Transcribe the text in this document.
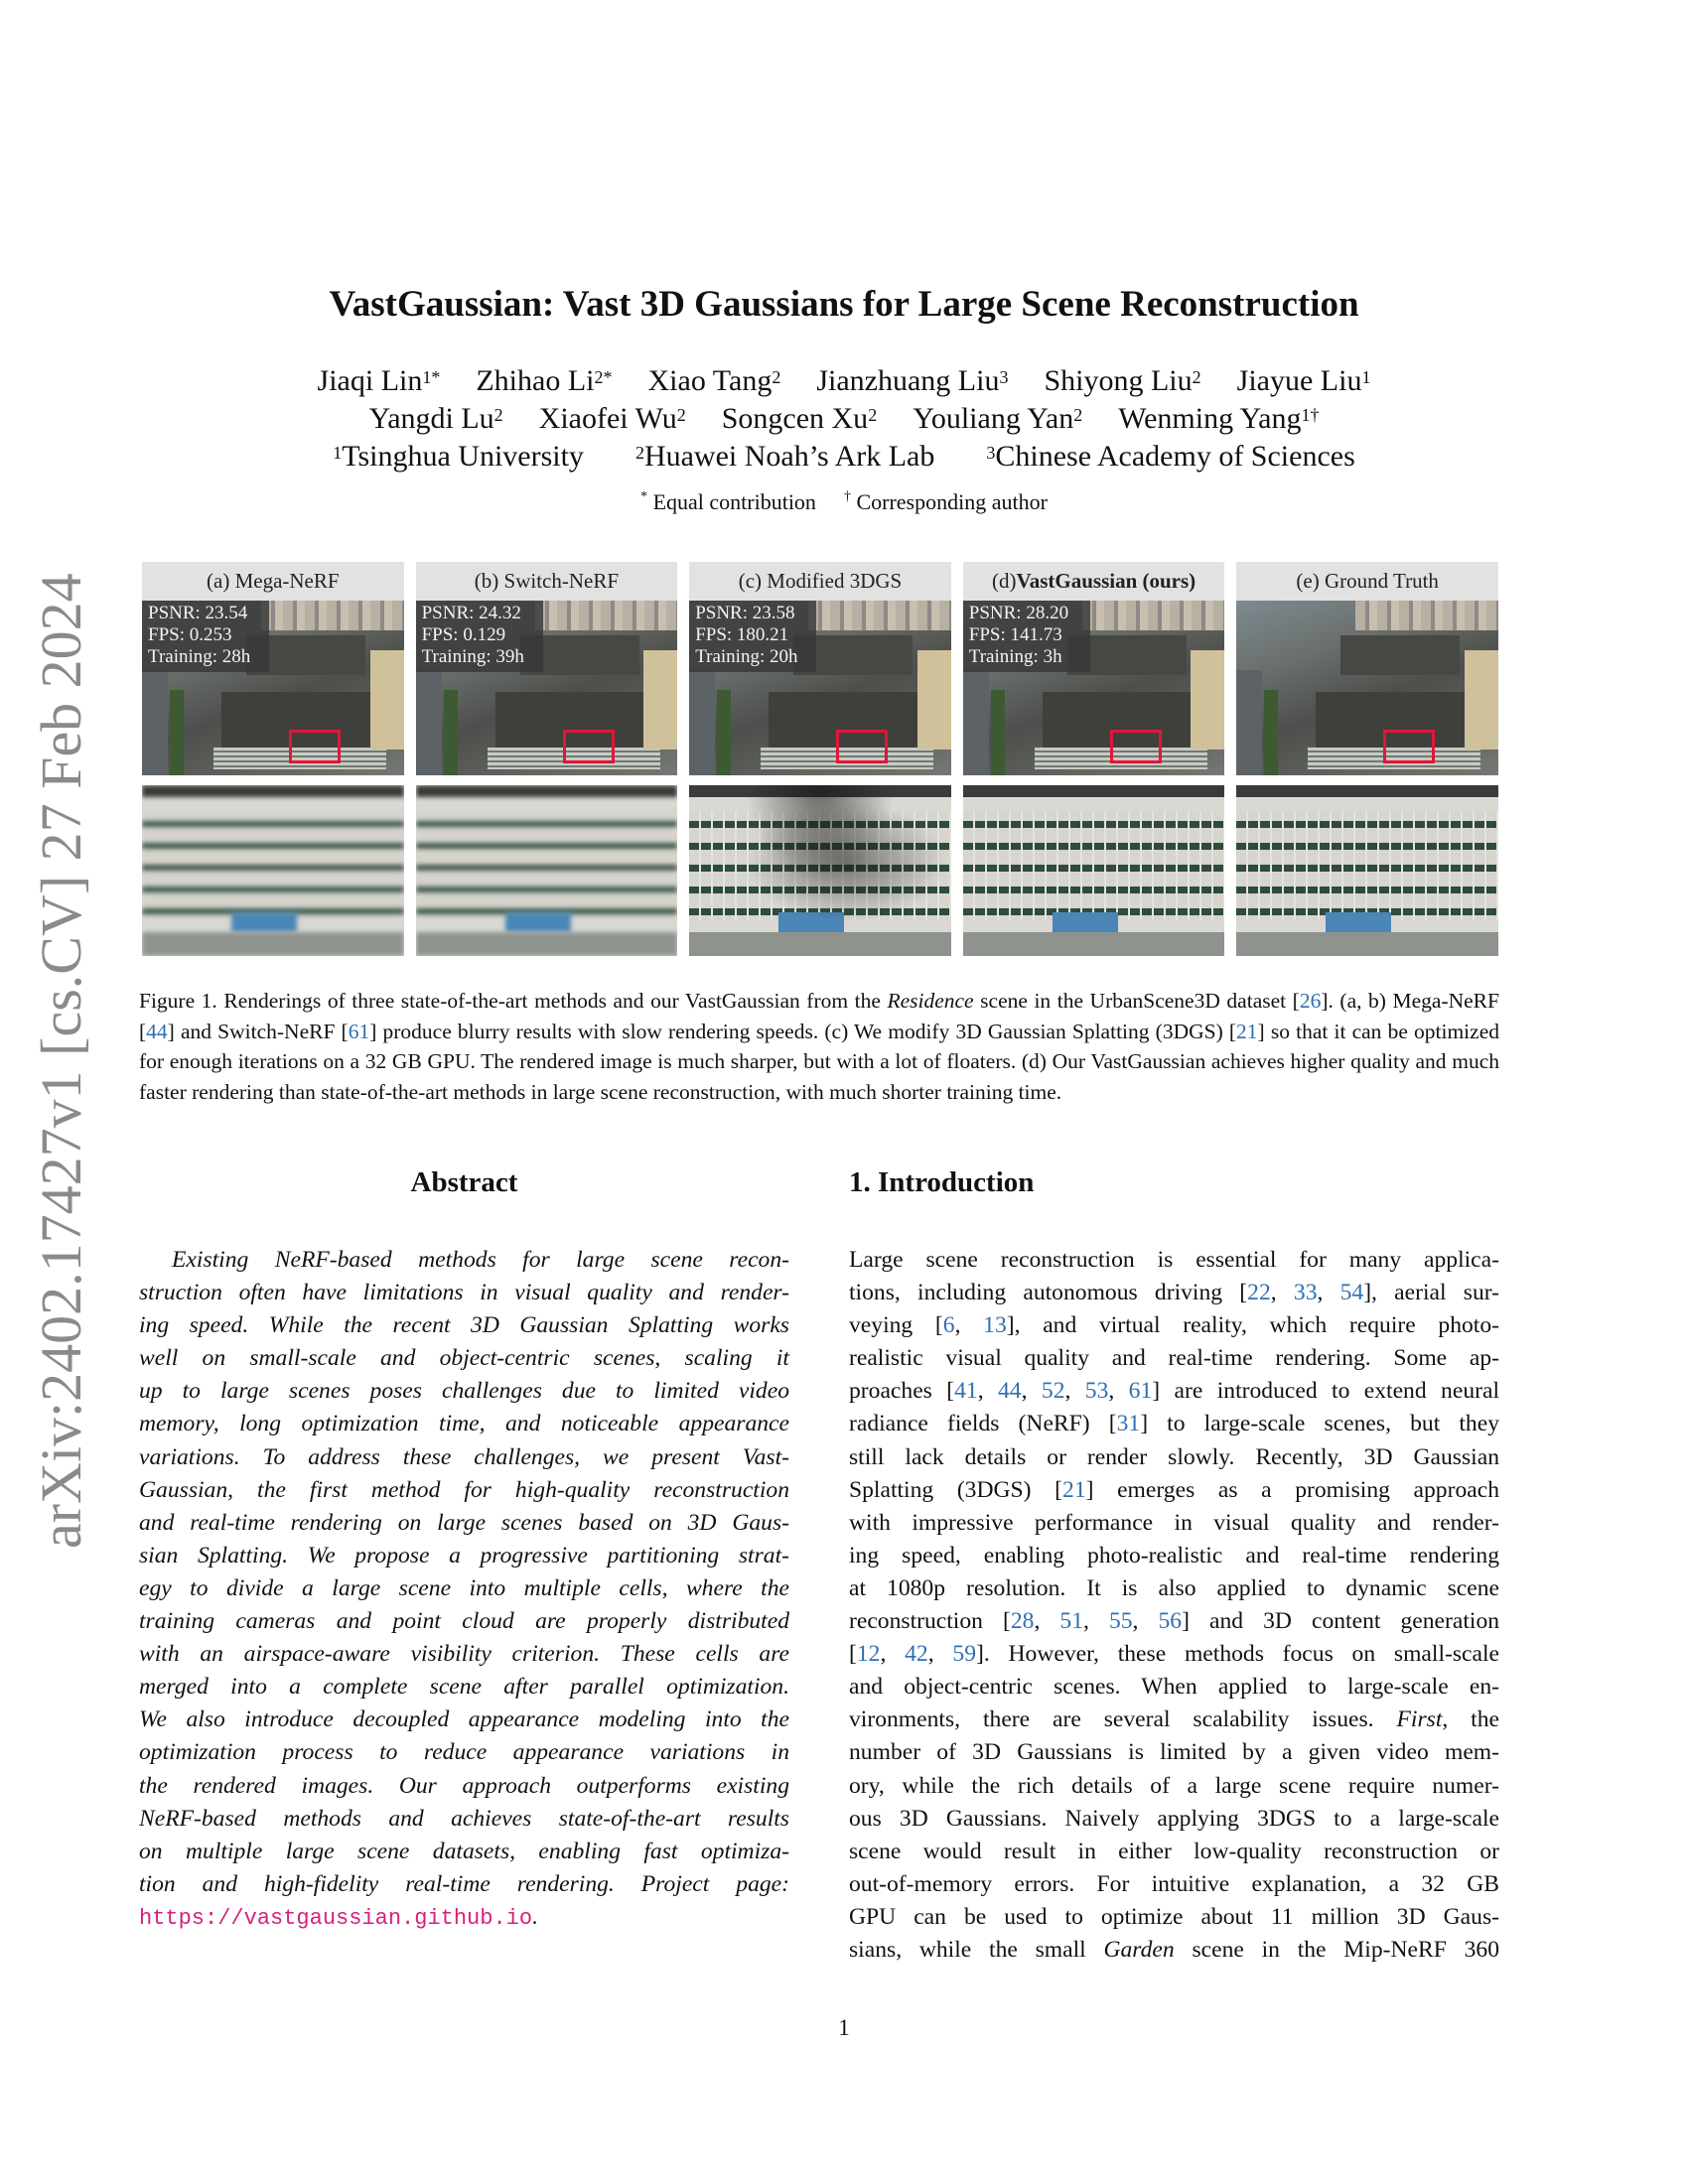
arXiv:2402.17427v1 [cs.CV] 27 Feb 2024
VastGaussian: Vast 3D Gaussians for Large Scene Reconstruction
Jiaqi Lin$^{1*}$ Zhihao $Li^{2*}$ Xiao Tang$^2$ Jianzhuang Liu$^3$ Shiyong Liu$^2$ Jiayue Liu$^1$
Yangdi Lu$^2$ Xiaofei Wu$^2$ Songcen Xu$^2$ Youliang Yan$^2$ Wenming Yang$^{1\dagger}$
$^1$Tsinghua University	$^2$Huawei Noah’s Ark Lab	$^3$Chinese Academy of Sciences
* Equal contribution † Corresponding author
(a) Mega-NeRF
PSNR: 23.54
FPS: 0.253
Training: 28h
(b) Switch-NeRF
PSNR: 24.32
FPS: 0.129
Training: 39h
(c) Modified 3DGS
PSNR: 23.58
FPS: 180.21
Training: 20h
(d) VastGaussian (ours)
PSNR: 28.20
FPS: 141.73
Training: 3h
(e) Ground Truth
Figure 1. Renderings of three state-of-the-art methods and our VastGaussian from the Residence scene in the UrbanScene3D dataset [26]. (a, b) Mega-NeRF [44] and Switch-NeRF [61] produce blurry results with slow rendering speeds. (c) We modify 3D Gaussian Splatting (3DGS) [21] so that it can be optimized for enough iterations on a 32 GB GPU. The rendered image is much sharper, but with a lot of floaters. (d) Our VastGaussian achieves higher quality and much faster rendering than state-of-the-art methods in large scene reconstruction, with much shorter training time.
Abstract
Existing NeRF-based methods for large scene recon-
struction often have limitations in visual quality and render-
ing speed. While the recent 3D Gaussian Splatting works
well on small-scale and object-centric scenes, scaling it
up to large scenes poses challenges due to limited video
memory, long optimization time, and noticeable appearance
variations. To address these challenges, we present Vast-
Gaussian, the first method for high-quality reconstruction
and real-time rendering on large scenes based on 3D Gaus-
sian Splatting. We propose a progressive partitioning strat-
egy to divide a large scene into multiple cells, where the
training cameras and point cloud are properly distributed
with an airspace-aware visibility criterion. These cells are
merged into a complete scene after parallel optimization.
We also introduce decoupled appearance modeling into the
optimization process to reduce appearance variations in
the rendered images. Our approach outperforms existing
NeRF-based methods and achieves state-of-the-art results
on multiple large scene datasets, enabling fast optimiza-
tion and high-fidelity real-time rendering. Project page:
https://vastgaussian.github.io.
1. Introduction
Large scene reconstruction is essential for many applica-
tions, including autonomous driving [22, 33, 54], aerial sur-
veying [6, 13], and virtual reality, which require photo-
realistic visual quality and real-time rendering. Some ap-
proaches [41, 44, 52, 53, 61] are introduced to extend neural
radiance fields (NeRF) [31] to large-scale scenes, but they
still lack details or render slowly. Recently, 3D Gaussian
Splatting (3DGS) [21] emerges as a promising approach
with impressive performance in visual quality and render-
ing speed, enabling photo-realistic and real-time rendering
at 1080p resolution. It is also applied to dynamic scene
reconstruction [28, 51, 55, 56] and 3D content generation
[12, 42, 59]. However, these methods focus on small-scale
and object-centric scenes. When applied to large-scale en-
vironments, there are several scalability issues. First, the
number of 3D Gaussians is limited by a given video mem-
ory, while the rich details of a large scene require numer-
ous 3D Gaussians. Naively applying 3DGS to a large-scale
scene would result in either low-quality reconstruction or
out-of-memory errors. For intuitive explanation, a 32 GB
GPU can be used to optimize about 11 million 3D Gaus-
sians, while the small Garden scene in the Mip-NeRF 360
1
